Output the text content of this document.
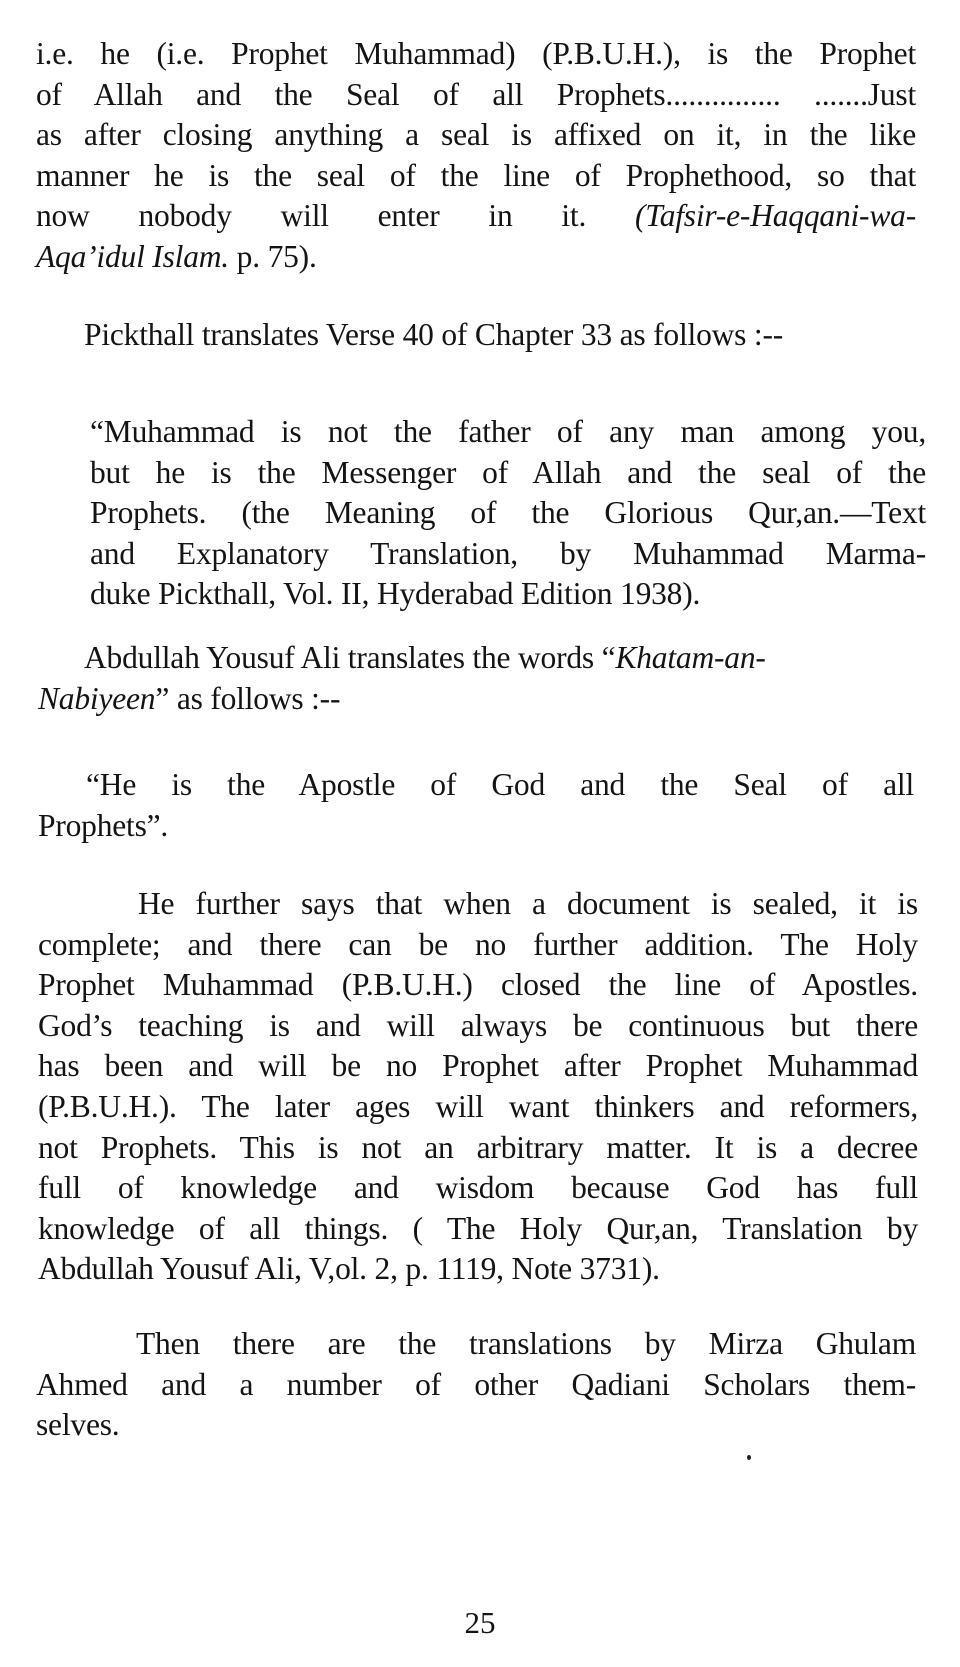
i.e. he (i.e. Prophet Muhammad) (P.B.U.H.), is the Prophet
of Allah and the Seal of all Prophets............... .......Just
as after closing anything a seal is affixed on it, in the like
manner he is the seal of the line of Prophethood, so that
now nobody will enter in it. (Tafsir-e-Haqqani-wa-
Aqa’idul Islam. p. 75).

Pickthall translates Verse 40 of Chapter 33 as follows :--

“Muhammad is not the father of any man among you,
but he is the Messenger of Allah and the seal of the
Prophets. (the Meaning of the Glorious Qur,an.—Text
and Explanatory Translation, by Muhammad Marma-
duke Pickthall, Vol. II, Hyderabad Edition 1938).

Abdullah Yousuf Ali translates the words “Khatam-an-
Nabiyeen” as follows :--

“He is the Apostle of God and the Seal of all
Prophets”.

He further says that when a document is sealed, it is
complete; and there can be no further addition. The Holy
Prophet Muhammad (P.B.U.H.) closed the line of Apostles.
God’s teaching is and will always be continuous but there
has been and will be no Prophet after Prophet Muhammad
(P.B.U.H.). The later ages will want thinkers and reformers,
not Prophets. This is not an arbitrary matter. It is a decree
full of knowledge and wisdom because God has full
knowledge of all things. ( The Holy Qur,an, Translation by
Abdullah Yousuf Ali, V,ol. 2, p. 1119, Note 3731).

Then there are the translations by Mirza Ghulam
Ahmed and a number of other Qadiani Scholars them-
selves.

25
